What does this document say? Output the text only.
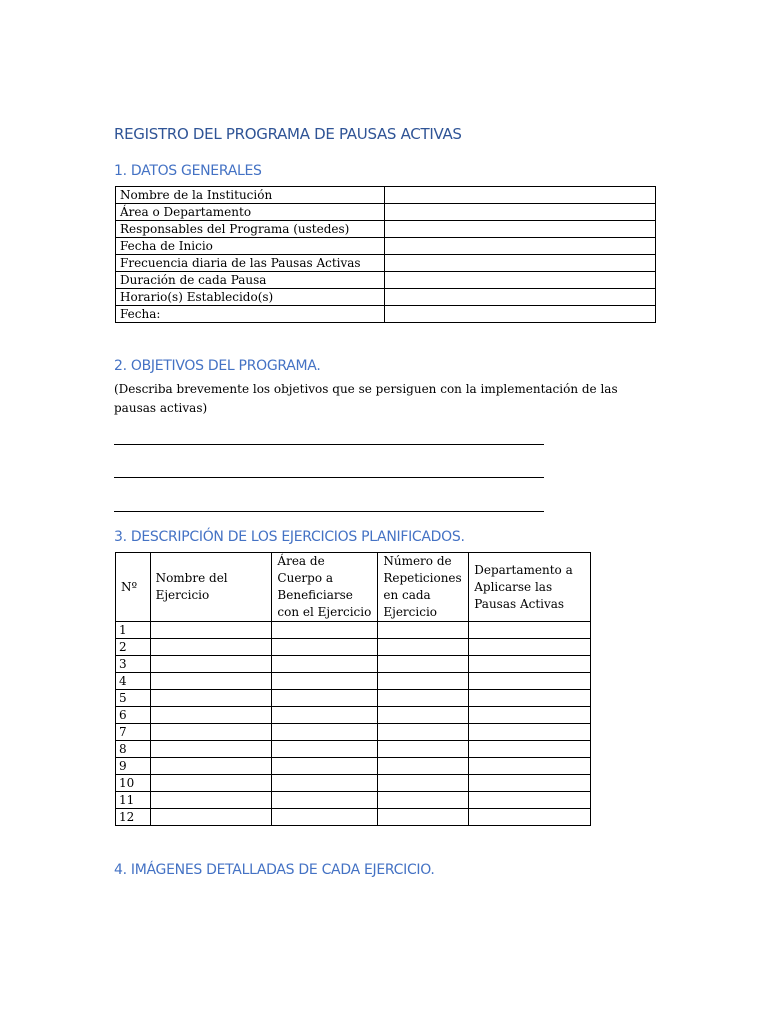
REGISTRO DEL PROGRAMA DE PAUSAS ACTIVAS
1. DATOS GENERALES
Nombre de la Institución	
Área o Departamento	
Responsables del Programa (ustedes)	
Fecha de Inicio	
Frecuencia diaria de las Pausas Activas	
Duración de cada Pausa	
Horario(s) Establecido(s)	
Fecha:	
2. OBJETIVOS DEL PROGRAMA.

(Describa brevemente los objetivos que se persiguen con la implementación de las pausas activas)

3. DESCRIPCIÓN DE LOS EJERCICIOS PLANIFICADOS.
Nº	Nombre del Ejercicio	Área de Cuerpo a Beneficiarse con el Ejercicio	Número de Repeticiones en cada Ejercicio	Departamento a Aplicarse las Pausas Activas
1				
2				
3				
4				
5				
6				
7				
8				
9				
10				
11				
12				
4. IMÁGENES DETALLADAS DE CADA EJERCICIO.
